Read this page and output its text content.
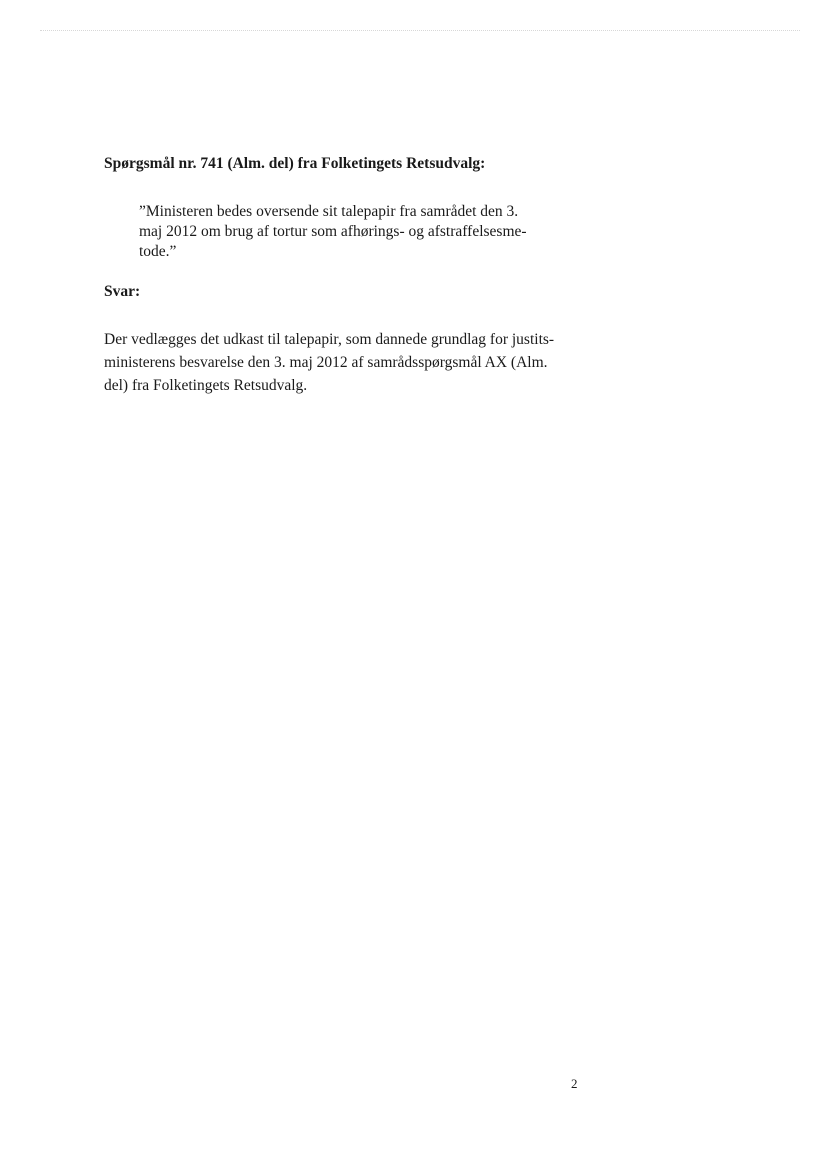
Spørgsmål nr. 741 (Alm. del) fra Folketingets Retsudvalg:
”Ministeren bedes oversende sit talepapir fra samrådet den 3.
maj 2012 om brug af tortur som afhørings- og afstraffelsesme-
tode.”
Svar:
Der vedlægges det udkast til talepapir, som dannede grundlag for justits-
ministerens besvarelse den 3. maj 2012 af samrådsspørgsmål AX (Alm.
del) fra Folketingets Retsudvalg.
2
